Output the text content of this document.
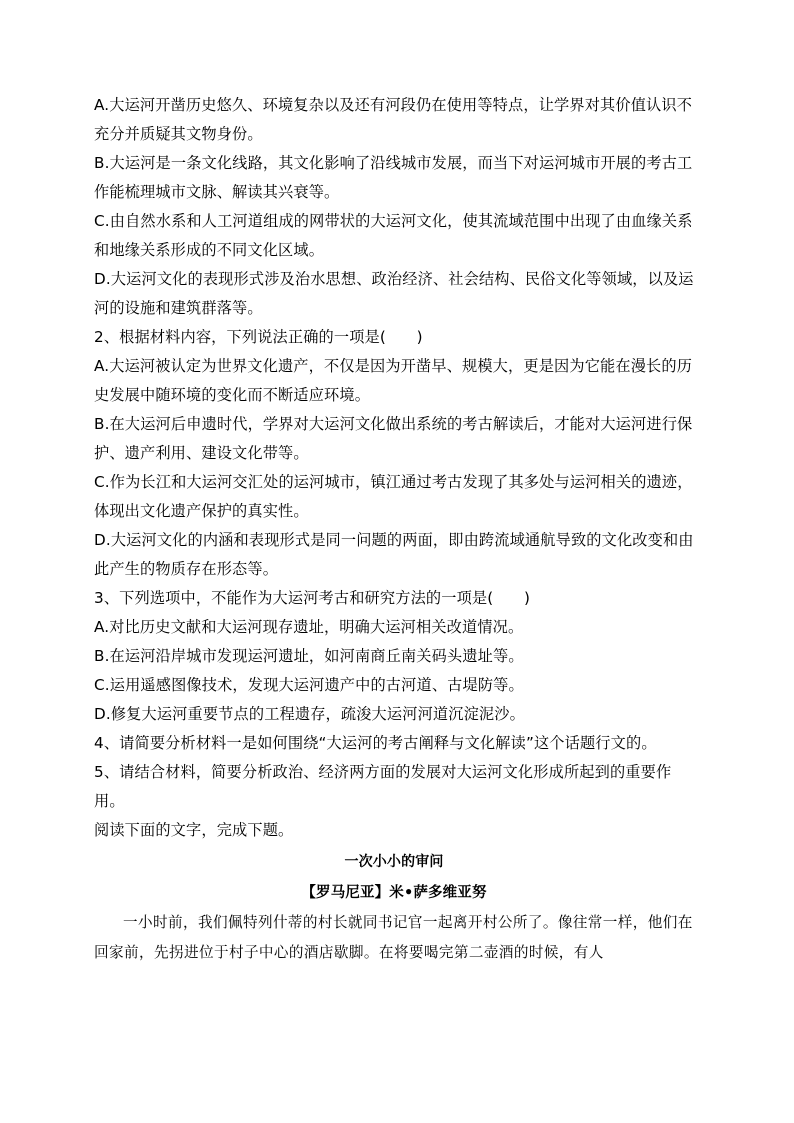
A.大运河开凿历史悠久、环境复杂以及还有河段仍在使用等特点，让学界对其价值认识不充分并质疑其文物身份。

B.大运河是一条文化线路，其文化影响了沿线城市发展，而当下对运河城市开展的考古工作能梳理城市文脉、解读其兴衰等。

C.由自然水系和人工河道组成的网带状的大运河文化，使其流域范围中出现了由血缘关系和地缘关系形成的不同文化区域。

D.大运河文化的表现形式涉及治水思想、政治经济、社会结构、民俗文化等领域，以及运河的设施和建筑群落等。

2、根据材料内容，下列说法正确的一项是(　　)

A.大运河被认定为世界文化遗产，不仅是因为开凿早、规模大，更是因为它能在漫长的历史发展中随环境的变化而不断适应环境。

B.在大运河后申遗时代，学界对大运河文化做出系统的考古解读后，才能对大运河进行保护、遗产利用、建设文化带等。

C.作为长江和大运河交汇处的运河城市，镇江通过考古发现了其多处与运河相关的遗迹，体现出文化遗产保护的真实性。

D.大运河文化的内涵和表现形式是同一问题的两面，即由跨流域通航导致的文化改变和由此产生的物质存在形态等。

3、下列选项中，不能作为大运河考古和研究方法的一项是(　　)

A.对比历史文献和大运河现存遗址，明确大运河相关改道情况。

B.在运河沿岸城市发现运河遗址，如河南商丘南关码头遗址等。

C.运用遥感图像技术，发现大运河遗产中的古河道、古堤防等。

D.修复大运河重要节点的工程遗存，疏浚大运河河道沉淀泥沙。

4、请简要分析材料一是如何围绕“大运河的考古阐释与文化解读”这个话题行文的。

5、请结合材料，简要分析政治、经济两方面的发展对大运河文化形成所起到的重要作用。

阅读下面的文字，完成下题。

一次小小的审问

【罗马尼亚】米•萨多维亚努

一小时前，我们佩特列什蒂的村长就同书记官一起离开村公所了。像往常一样，他们在回家前，先拐进位于村子中心的酒店歇脚。在将要喝完第二壶酒的时候，有人
